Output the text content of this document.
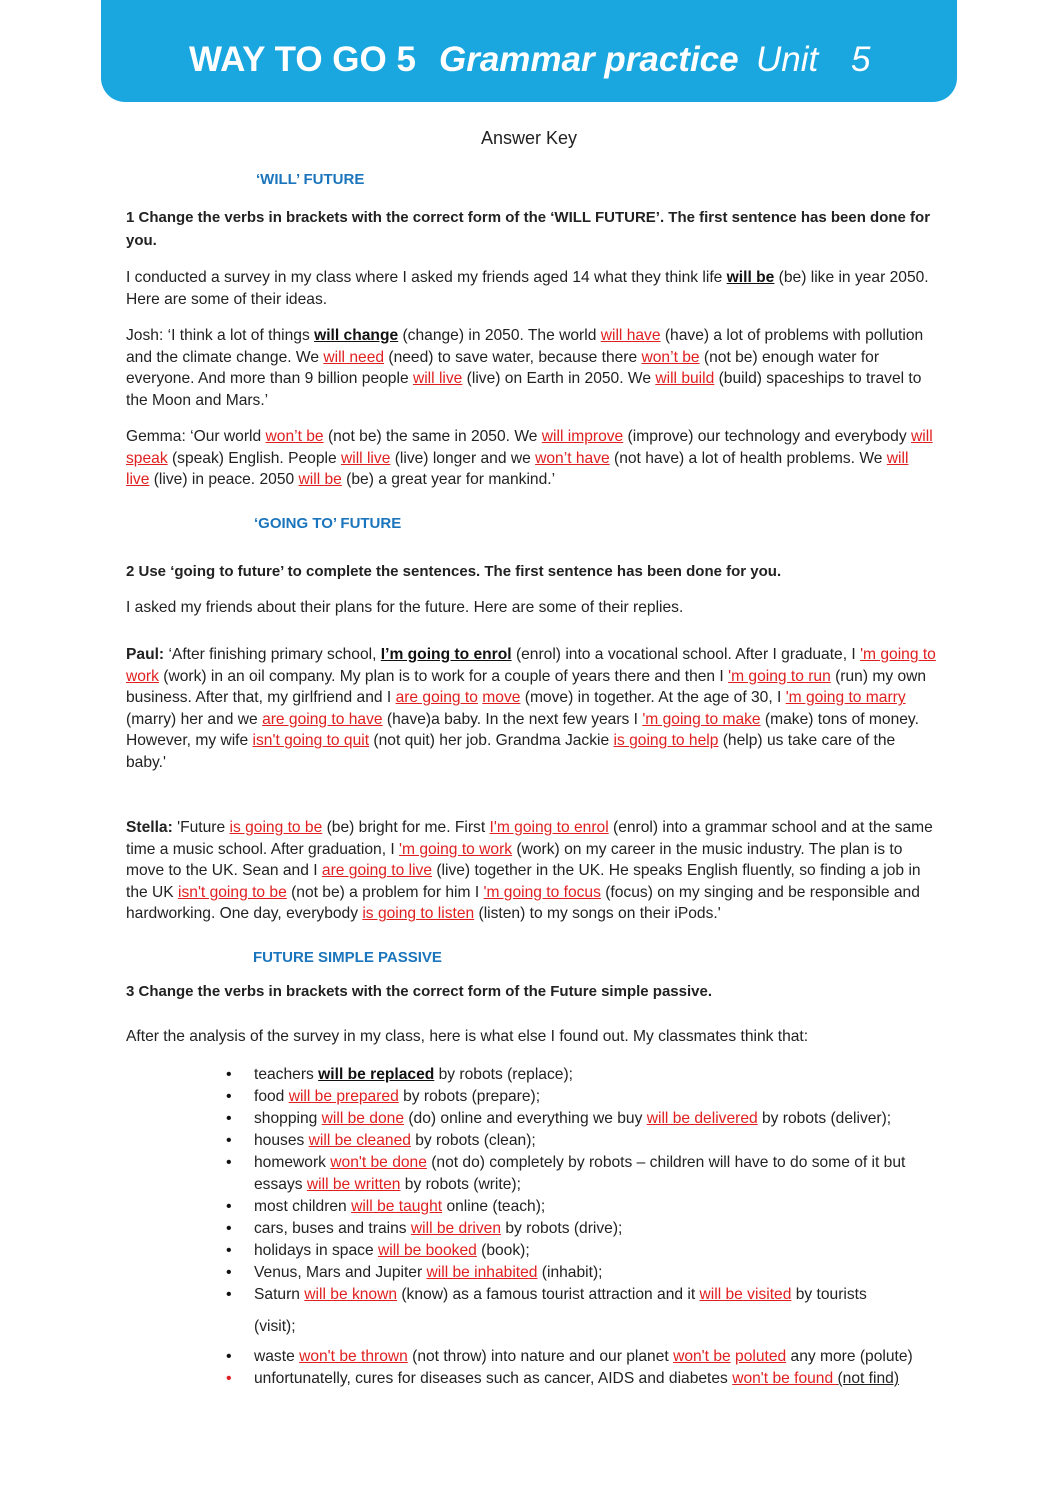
WAY TO GO 5 Grammar practice Unit 5
Answer Key
‘WILL’ FUTURE
1 Change the verbs in brackets with the correct form of the ‘WILL FUTURE’. The first sentence has been done for you.
I conducted a survey in my class where I asked my friends aged 14 what they think life will be (be) like in year 2050. Here are some of their ideas.
Josh: ‘I think a lot of things will change (change) in 2050. The world will have (have) a lot of problems with pollution and the climate change. We will need (need) to save water, because there won’t be (not be) enough water for everyone. And more than 9 billion people will live (live) on Earth in 2050. We will build (build) spaceships to travel to the Moon and Mars.’
Gemma: ‘Our world won’t be (not be) the same in 2050. We will improve (improve) our technology and everybody will speak (speak) English. People will live (live) longer and we won’t have (not have) a lot of health problems. We will live (live) in peace. 2050 will be (be) a great year for mankind.’
‘GOING TO’ FUTURE
2 Use ‘going to future’ to complete the sentences. The first sentence has been done for you.
I asked my friends about their plans for the future. Here are some of their replies.
Paul: ‘After finishing primary school, I’m going to enrol (enrol) into a vocational school. After I graduate, I 'm going to work (work) in an oil company. My plan is to work for a couple of years there and then I 'm going to run (run) my own business. After that, my girlfriend and I are going to move (move) in together. At the age of 30, I 'm going to marry (marry) her and we are going to have (have)a baby. In the next few years I 'm going to make (make) tons of money. However, my wife isn't going to quit (not quit) her job. Grandma Jackie is going to help (help) us take care of the baby.'
Stella: 'Future is going to be (be) bright for me. First I'm going to enrol (enrol) into a grammar school and at the same time a music school. After graduation, I 'm going to work (work) on my career in the music industry. The plan is to move to the UK. Sean and I are going to live (live) together in the UK. He speaks English fluently, so finding a job in the UK isn't going to be (not be) a problem for him I 'm going to focus (focus) on my singing and be responsible and hardworking. One day, everybody is going to listen (listen) to my songs on their iPods.'
FUTURE SIMPLE PASSIVE
3 Change the verbs in brackets with the correct form of the Future simple passive.
After the analysis of the survey in my class, here is what else I found out. My classmates think that:
• teachers will be replaced by robots (replace);
• food will be prepared by robots (prepare);
• shopping will be done (do) online and everything we buy will be delivered by robots (deliver);
• houses will be cleaned by robots (clean);
• homework won't be done (not do) completely by robots – children will have to do some of it but essays will be written by robots (write);
• most children will be taught online (teach);
• cars, buses and trains will be driven by robots (drive);
• holidays in space will be booked (book);
• Venus, Mars and Jupiter will be inhabited (inhabit);
• Saturn will be known (know) as a famous tourist attraction and it will be visited by tourists
(visit);
• waste won't be thrown (not throw) into nature and our planet won't be poluted any more (polute)
• unfortunatelly, cures for diseases such as cancer, AIDS and diabetes won't be found (not find)
